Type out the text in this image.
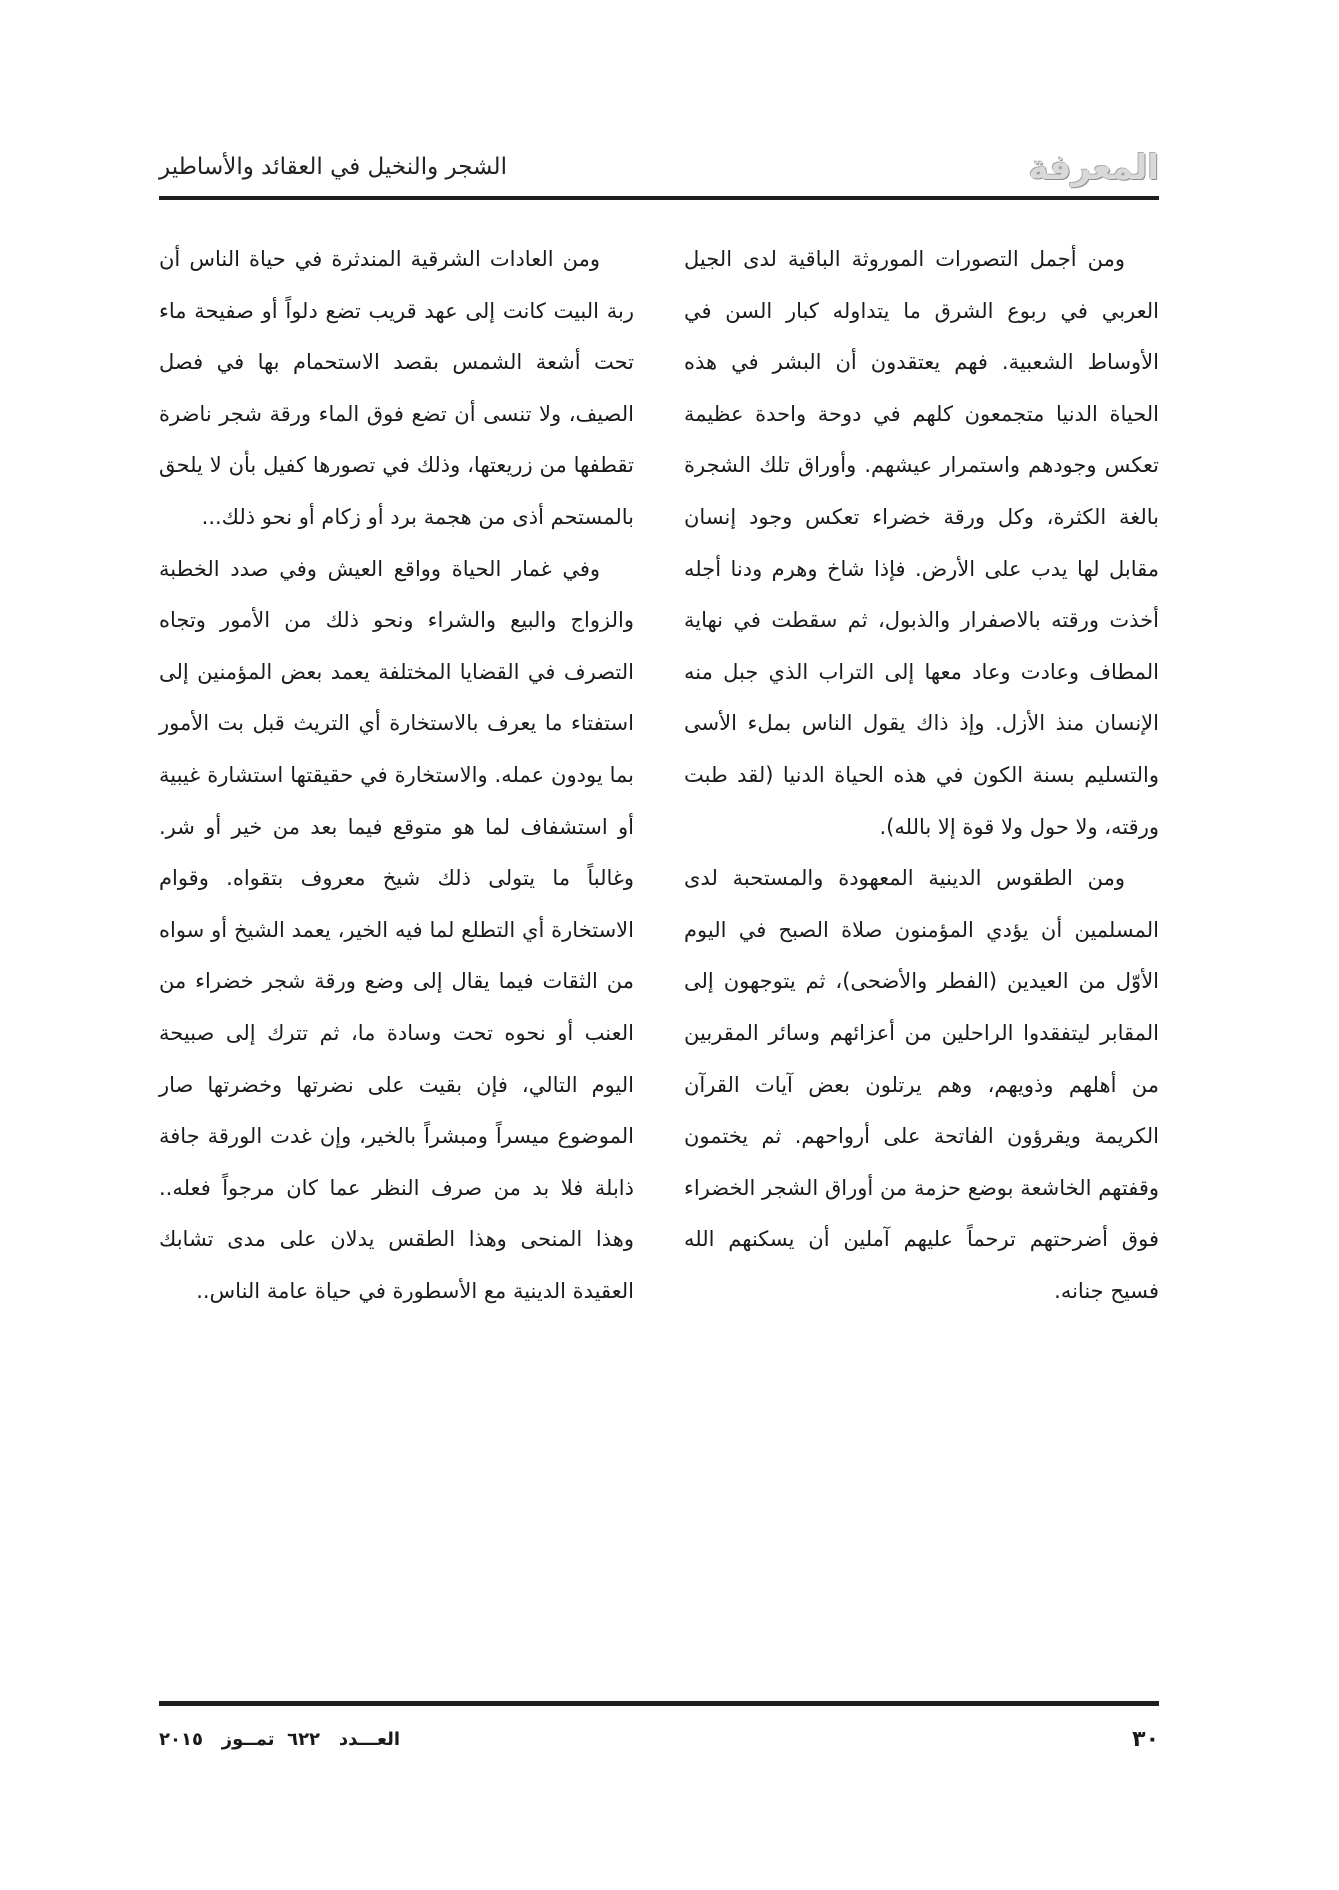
المعرفة
الشجر والنخيل في العقائد والأساطير

ومن أجمل التصورات الموروثة الباقية لدى الجيل العربي في ربوع الشرق ما يتداوله كبار السن في الأوساط الشعبية. فهم يعتقدون أن البشر في هذه الحياة الدنيا متجمعون كلهم في دوحة واحدة عظيمة تعكس وجودهم واستمرار عيشهم. وأوراق تلك الشجرة بالغة الكثرة، وكل ورقة خضراء تعكس وجود إنسان مقابل لها يدب على الأرض. فإذا شاخ وهرم ودنا أجله أخذت ورقته بالاصفرار والذبول، ثم سقطت في نهاية المطاف وعادت وعاد معها إلى التراب الذي جبل منه الإنسان منذ الأزل. وإذ ذاك يقول الناس بملء الأسى والتسليم بسنة الكون في هذه الحياة الدنيا (لقد طبت ورقته، ولا حول ولا قوة إلا بالله).

ومن الطقوس الدينية المعهودة والمستحبة لدى المسلمين أن يؤدي المؤمنون صلاة الصبح في اليوم الأوّل من العيدين (الفطر والأضحى)، ثم يتوجهون إلى المقابر ليتفقدوا الراحلين من أعزائهم وسائر المقربين من أهلهم وذويهم، وهم يرتلون بعض آيات القرآن الكريمة ويقرؤون الفاتحة على أرواحهم. ثم يختمون وقفتهم الخاشعة بوضع حزمة من أوراق الشجر الخضراء فوق أضرحتهم ترحماً عليهم آملين أن يسكنهم الله فسيح جنانه.

ومن العادات الشرقية المندثرة في حياة الناس أن ربة البيت كانت إلى عهد قريب تضع دلواً أو صفيحة ماء تحت أشعة الشمس بقصد الاستحمام بها في فصل الصيف، ولا تنسى أن تضع فوق الماء ورقة شجر ناضرة تقطفها من زريعتها، وذلك في تصورها كفيل بأن لا يلحق بالمستحم أذى من هجمة برد أو زكام أو نحو ذلك...

وفي غمار الحياة وواقع العيش وفي صدد الخطبة والزواج والبيع والشراء ونحو ذلك من الأمور وتجاه التصرف في القضايا المختلفة يعمد بعض المؤمنين إلى استفتاء ما يعرف بالاستخارة أي التريث قبل بت الأمور بما يودون عمله. والاستخارة في حقيقتها استشارة غيبية أو استشفاف لما هو متوقع فيما بعد من خير أو شر. وغالباً ما يتولى ذلك شيخ معروف بتقواه. وقوام الاستخارة أي التطلع لما فيه الخير، يعمد الشيخ أو سواه من الثقات فيما يقال إلى وضع ورقة شجر خضراء من العنب أو نحوه تحت وسادة ما، ثم تترك إلى صبيحة اليوم التالي، فإن بقيت على نضرتها وخضرتها صار الموضوع ميسراً ومبشراً بالخير، وإن غدت الورقة جافة ذابلة فلا بد من صرف النظر عما كان مرجواً فعله.. وهذا المنحى وهذا الطقس يدلان على مدى تشابك العقيدة الدينية مع الأسطورة في حياة عامة الناس..

٣٠
العـــدد   ٦٢٢  تمــوز   ٢٠١٥
